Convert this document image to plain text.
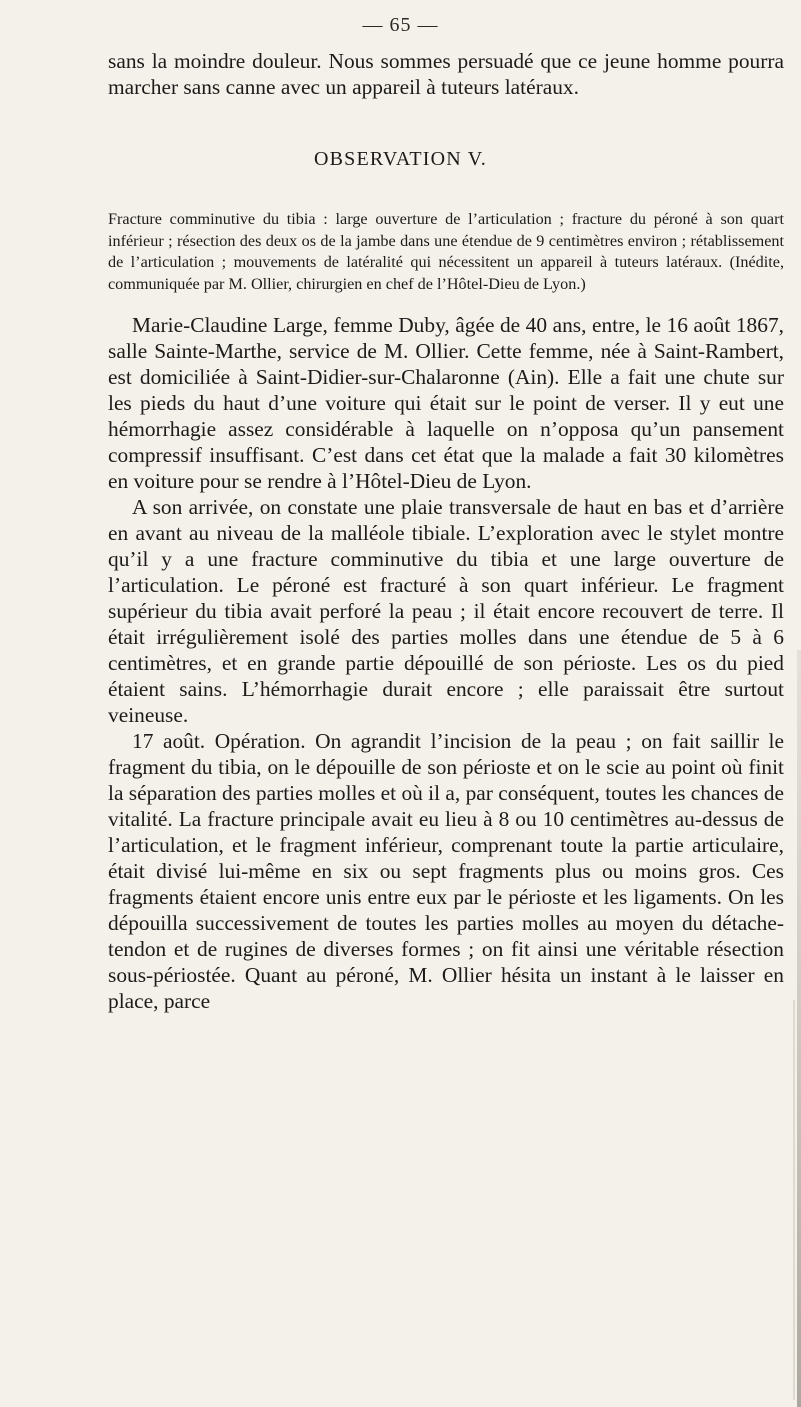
— 65 —

sans la moindre douleur. Nous sommes persuadé que ce jeune homme pourra marcher sans canne avec un appareil à tuteurs latéraux.

OBSERVATION V.

Fracture comminutive du tibia : large ouverture de l’articulation ; fracture du péroné à son quart inférieur ; résection des deux os de la jambe dans une étendue de 9 centimètres environ ; rétablissement de l’articulation ; mouvements de latéralité qui nécessitent un appareil à tuteurs latéraux. (Inédite, communiquée par M. Ollier, chirurgien en chef de l’Hôtel-Dieu de Lyon.)

Marie-Claudine Large, femme Duby, âgée de 40 ans, entre, le 16 août 1867, salle Sainte-Marthe, service de M. Ollier. Cette femme, née à Saint-Rambert, est domiciliée à Saint-Didier-sur-Chalaronne (Ain). Elle a fait une chute sur les pieds du haut d’une voiture qui était sur le point de verser. Il y eut une hémorrhagie assez considérable à laquelle on n’opposa qu’un pansement compressif insuffisant. C’est dans cet état que la malade a fait 30 kilomètres en voiture pour se rendre à l’Hôtel-Dieu de Lyon.

A son arrivée, on constate une plaie transversale de haut en bas et d’arrière en avant au niveau de la malléole tibiale. L’exploration avec le stylet montre qu’il y a une fracture comminutive du tibia et une large ouverture de l’articulation. Le péroné est fracturé à son quart inférieur. Le fragment supérieur du tibia avait perforé la peau ; il était encore recouvert de terre. Il était irrégulièrement isolé des parties molles dans une étendue de 5 à 6 centimètres, et en grande partie dépouillé de son périoste. Les os du pied étaient sains. L’hémorrhagie durait encore ; elle paraissait être surtout veineuse.

17 août. Opération. On agrandit l’incision de la peau ; on fait saillir le fragment du tibia, on le dépouille de son périoste et on le scie au point où finit la séparation des parties molles et où il a, par conséquent, toutes les chances de vitalité. La fracture principale avait eu lieu à 8 ou 10 centimètres au-dessus de l’articulation, et le fragment inférieur, comprenant toute la partie articulaire, était divisé lui-même en six ou sept fragments plus ou moins gros. Ces fragments étaient encore unis entre eux par le périoste et les ligaments. On les dépouilla successivement de toutes les parties molles au moyen du détache-tendon et de rugines de diverses formes ; on fit ainsi une véritable résection sous-périostée. Quant au péroné, M. Ollier hésita un instant à le laisser en place, parce
